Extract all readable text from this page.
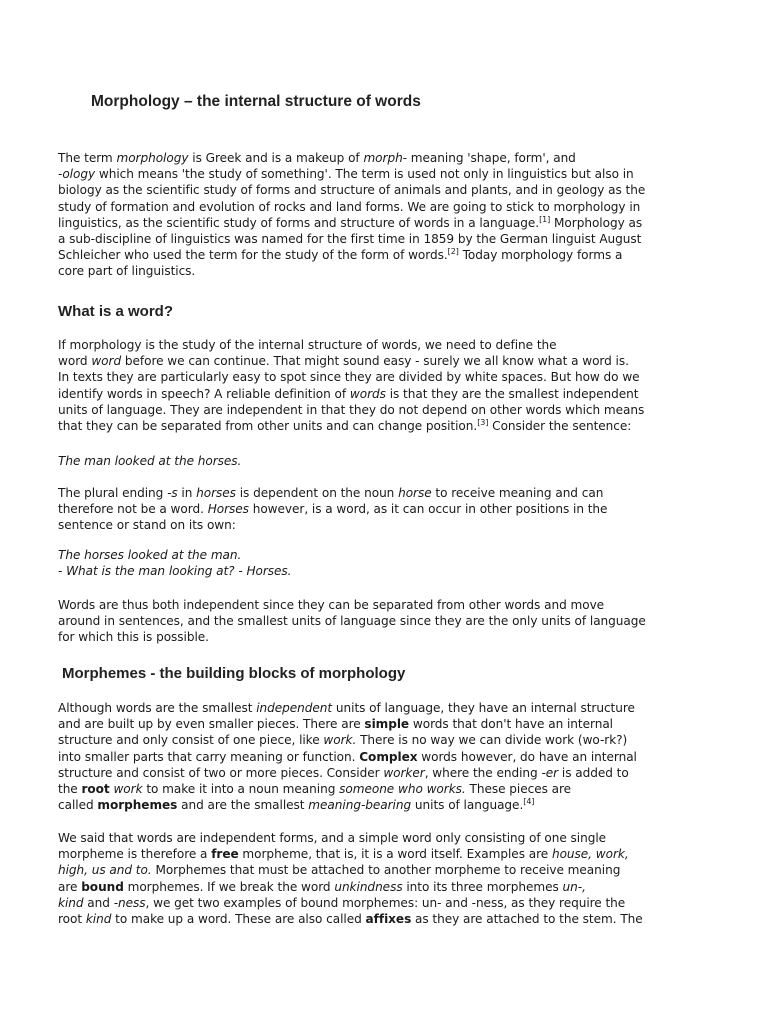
Morphology – the internal structure of words
The term morphology is Greek and is a makeup of morph- meaning 'shape, form', and
-ology which means 'the study of something'. The term is used not only in linguistics but also in
biology as the scientific study of forms and structure of animals and plants, and in geology as the
study of formation and evolution of rocks and land forms. We are going to stick to morphology in
linguistics, as the scientific study of forms and structure of words in a language.[1] Morphology as
a sub-discipline of linguistics was named for the first time in 1859 by the German linguist August
Schleicher who used the term for the study of the form of words.[2] Today morphology forms a
core part of linguistics.
What is a word?
If morphology is the study of the internal structure of words, we need to define the
word word before we can continue. That might sound easy - surely we all know what a word is.
In texts they are particularly easy to spot since they are divided by white spaces. But how do we
identify words in speech? A reliable definition of words is that they are the smallest independent
units of language. They are independent in that they do not depend on other words which means
that they can be separated from other units and can change position.[3] Consider the sentence:
The man looked at the horses.
The plural ending -s in horses is dependent on the noun horse to receive meaning and can
therefore not be a word. Horses however, is a word, as it can occur in other positions in the
sentence or stand on its own:
The horses looked at the man.
- What is the man looking at? - Horses.
Words are thus both independent since they can be separated from other words and move
around in sentences, and the smallest units of language since they are the only units of language
for which this is possible.
Morphemes - the building blocks of morphology
Although words are the smallest independent units of language, they have an internal structure
and are built up by even smaller pieces. There are simple words that don't have an internal
structure and only consist of one piece, like work. There is no way we can divide work (wo-rk?)
into smaller parts that carry meaning or function. Complex words however, do have an internal
structure and consist of two or more pieces. Consider worker, where the ending -er is added to
the root work to make it into a noun meaning someone who works. These pieces are
called morphemes and are the smallest meaning-bearing units of language.[4]
We said that words are independent forms, and a simple word only consisting of one single
morpheme is therefore a free morpheme, that is, it is a word itself. Examples are house, work,
high, us and to. Morphemes that must be attached to another morpheme to receive meaning
are bound morphemes. If we break the word unkindness into its three morphemes un-,
kind and -ness, we get two examples of bound morphemes: un- and -ness, as they require the
root kind to make up a word. These are also called affixes as they are attached to the stem. The
